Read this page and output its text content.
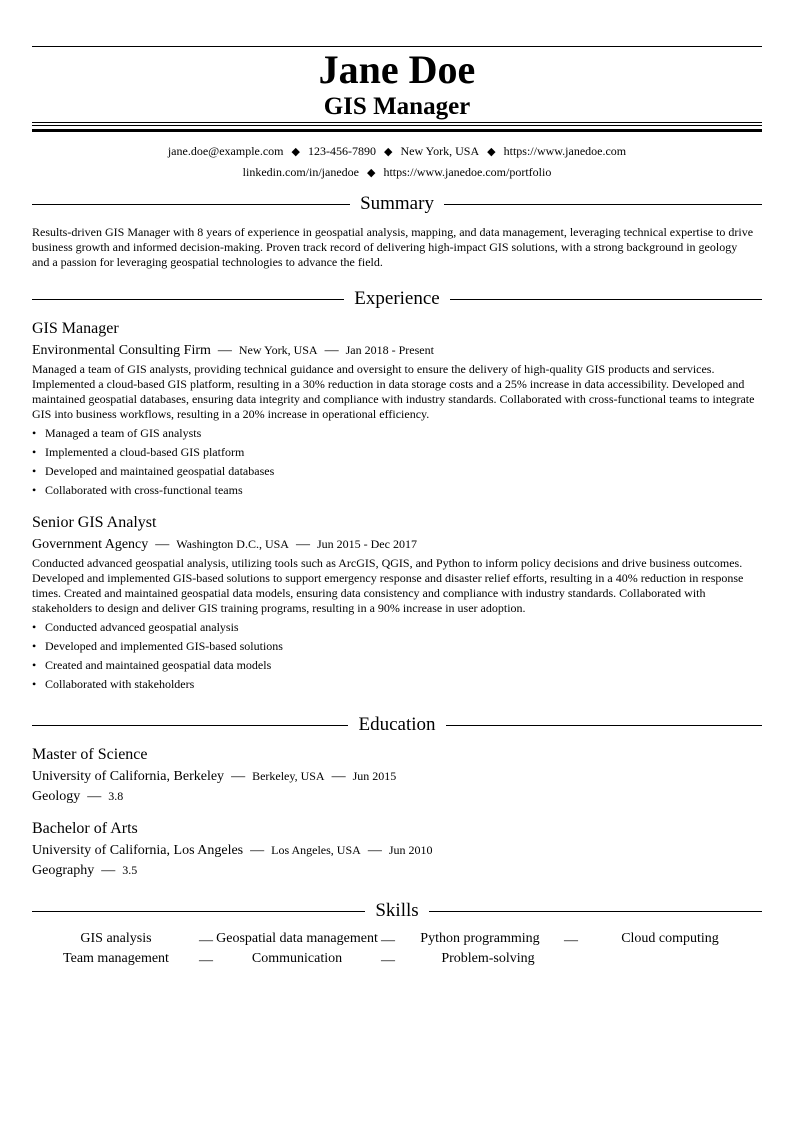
Jane Doe
GIS Manager
jane.doe@example.com ◆ 123-456-7890 ◆ New York, USA ◆ https://www.janedoe.com
linkedin.com/in/janedoe ◆ https://www.janedoe.com/portfolio
Summary
Results-driven GIS Manager with 8 years of experience in geospatial analysis, mapping, and data management, leveraging technical expertise to drive business growth and informed decision-making. Proven track record of delivering high-impact GIS solutions, with a strong background in geology and a passion for leveraging geospatial technologies to advance the field.
Experience
GIS Manager
Environmental Consulting Firm — New York, USA — Jan 2018 - Present
Managed a team of GIS analysts, providing technical guidance and oversight to ensure the delivery of high-quality GIS products and services. Implemented a cloud-based GIS platform, resulting in a 30% reduction in data storage costs and a 25% increase in data accessibility. Developed and maintained geospatial databases, ensuring data integrity and compliance with industry standards. Collaborated with cross-functional teams to integrate GIS into business workflows, resulting in a 20% increase in operational efficiency.
• Managed a team of GIS analysts
• Implemented a cloud-based GIS platform
• Developed and maintained geospatial databases
• Collaborated with cross-functional teams
Senior GIS Analyst
Government Agency — Washington D.C., USA — Jun 2015 - Dec 2017
Conducted advanced geospatial analysis, utilizing tools such as ArcGIS, QGIS, and Python to inform policy decisions and drive business outcomes. Developed and implemented GIS-based solutions to support emergency response and disaster relief efforts, resulting in a 40% reduction in response times. Created and maintained geospatial data models, ensuring data consistency and compliance with industry standards. Collaborated with stakeholders to design and deliver GIS training programs, resulting in a 90% increase in user adoption.
• Conducted advanced geospatial analysis
• Developed and implemented GIS-based solutions
• Created and maintained geospatial data models
• Collaborated with stakeholders
Education
Master of Science
University of California, Berkeley — Berkeley, USA — Jun 2015
Geology — 3.8
Bachelor of Arts
University of California, Los Angeles — Los Angeles, USA — Jun 2010
Geography — 3.5
Skills
GIS analysis	— Geospatial data management —	Python programming	—	Cloud computing
Team management	—	Communication	—	Problem-solving
